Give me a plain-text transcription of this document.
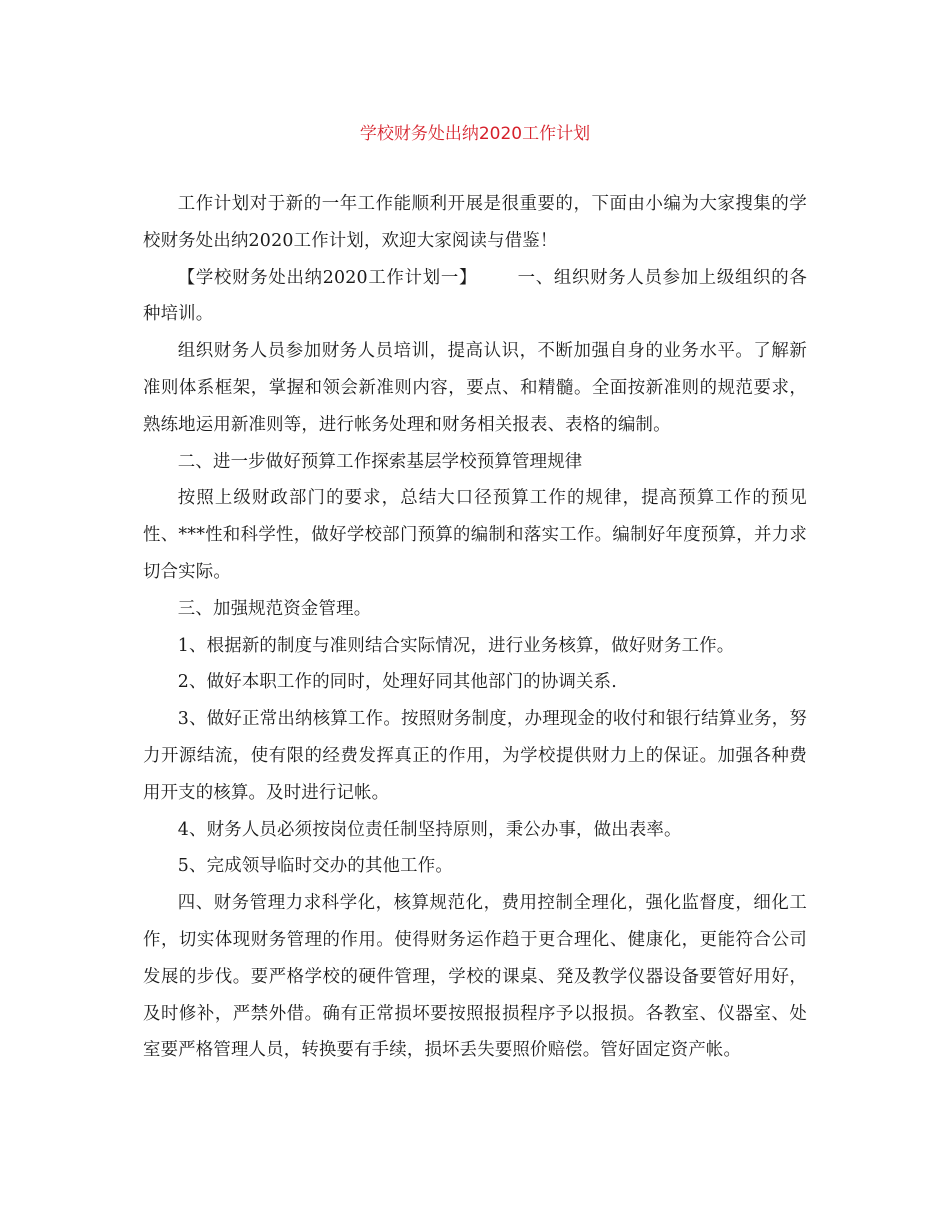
学校财务处出纳2020工作计划

工作计划对于新的一年工作能顺利开展是很重要的，下面由小编为大家搜集的学校财务处出纳2020工作计划，欢迎大家阅读与借鉴！

【学校财务处出纳2020工作计划一】 一、组织财务人员参加上级组织的各种培训。

组织财务人员参加财务人员培训，提高认识，不断加强自身的业务水平。了解新准则体系框架，掌握和领会新准则内容，要点、和精髓。全面按新准则的规范要求，熟练地运用新准则等，进行帐务处理和财务相关报表、表格的编制。

二、进一步做好预算工作探索基层学校预算管理规律

按照上级财政部门的要求，总结大口径预算工作的规律，提高预算工作的预见性、***性和科学性，做好学校部门预算的编制和落实工作。编制好年度预算，并力求切合实际。

三、加强规范资金管理。

1、根据新的制度与准则结合实际情况，进行业务核算，做好财务工作。

2、做好本职工作的同时，处理好同其他部门的协调关系.

3、做好正常出纳核算工作。按照财务制度，办理现金的收付和银行结算业务，努力开源结流，使有限的经费发挥真正的作用，为学校提供财力上的保证。加强各种费用开支的核算。及时进行记帐。

4、财务人员必须按岗位责任制坚持原则，秉公办事，做出表率。

5、完成领导临时交办的其他工作。

四、财务管理力求科学化，核算规范化，费用控制全理化，强化监督度，细化工作，切实体现财务管理的作用。使得财务运作趋于更合理化、健康化，更能符合公司发展的步伐。要严格学校的硬件管理，学校的课桌、発及教学仪器设备要管好用好，及时修补，严禁外借。确有正常损坏要按照报损程序予以报损。各教室、仪器室、处室要严格管理人员，转换要有手续，损坏丢失要照价赔偿。管好固定资产帐。
